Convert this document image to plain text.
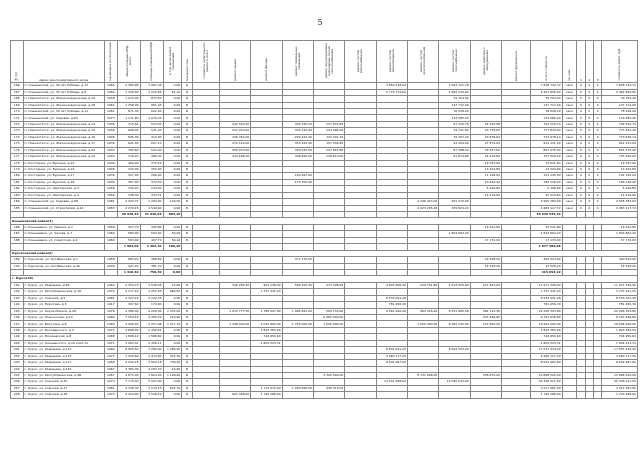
5
№ п/п	Адрес многоквартирного дома	год ввода в эксплуатацию	общая площадь МКД, всего	площадь помещений МКД	в том числе жилых помещений	материал стен	стоимость капитального ремонта, всего	ремонт крыши	ремонт фасада	ремонт подвальных помещений	ремонт внутридомовых инженерных систем теплоснабжения	ремонт систем водоснабжения	ремонт систем водоотведения	ремонт систем электроснабжения	ремонт систем газоснабжения	ремонт лифтового оборудования	ремонт фундамента	итого стоимость	ед. изм.	1	2	3	стоимость работ, руб.
166	п. Ольшанский, ул. 30 лет Победы, д.13	1965	2 382,96	1 987,46	0,00	Б							3 850 518,04		3 994 721,78			7 848 742,72	кв.м	0	0	0	7 848 742,72
167	п. Ольшанский, ул. 30 лет Победы, д.8	1964	1 440,00	1 022,64	61,10	Б							2 779 712,00		2 682 144,00			5 461 856,00	кв.м	0	0	0	5 461 856,00
168	п. Новоалтатск, ул. Железнодорожная, д.19	1938	1 072,49	873,50	0,00	Б									79 754,40			79 754,40	кв.м	0	0	0	79 754,40
169	п. Новоалтатск, ул. Железнодорожная, д.18	1961	1 258,00	951,93	0,00	Б									137 712,00			137 712,00	кв.м	0	0	0	137 712,00
170	п. Ольшанский, ул. 30 лет Победы, д.11	1961	871,30	622,00	0,00	Б									76 528,20			76 528,20	кв.м	0	0	0	76 528,20
171	п. Ольшанский, ул. Садовая, д.62	1973	1 171,80	1 076,43	0,00	Б									133 585,20			133 585,20	кв.м	0	0	0	133 585,20
172	п. Новоалтатск, ул. Железнодорожная, д.14	1936	715,54	513,40	0,00	Б		242 520,00		306 780,20	137 676,82				81 320,76	24 220,98		792 520,74	кв.м	0	0	0	792 520,74
173	п. Новоалтатск, ул. Железнодорожная, д.15	1936	698,45	521,20	0,00	Б		237 970,00		305 742,90	134 966,26				79 731,60	23 778,62		777 833,40	кв.м	0	0	0	777 833,40
174	п. Новоалтатск, ул. Железнодорожная, д.16	1936	695,30	413,90	0,00	Б		236 760,00		299 443,40	134 401,34				79 267,20	23 678,62		773 678,14	кв.м	0	0	0	773 678,14
175	п. Новоалтатск, ул. Железнодорожная, д.17	1936	821,00	607,10	0,00	Б		279 140,00		353 042,50	157 939,85				93 594,00	27 874,00		912 131,00	кв.м	0	0	0	912 131,00
176	п. Новоалтатск, ул. Железнодорожная, д.22	1932	765,60	524,00	0,00	Б		260 070,00		329 032,00	147 615,80				87 288,00	25 937,60		851 475,40	кв.м	0	0	0	851 475,40
177	п. Новоалтатск, ул. Железнодорожная, д.22	1932	718,20	486,30	0,00	Б		244 188,00		308 826,00	138 610,00				81 874,80	24 418,80		797 920,20	кв.м	0	0	0	797 920,20
178	п. Косторное, ул. Вурзана, д.15	1936	400,00	375,10	0,00	Б										14 031,60		14 031,60	кв.м	0	0	0	14 031,60
179	п. Косторное, ул. Вурзана, д.16	1936	320,00	350,00	0,00	Б										13 324,80		13 324,80	кв.м	0	0	0	13 324,80
180	п. Косторное, ул. Вурзана, д.17	1936	327,00	290,00	0,00	Б				140 997,00						11 148,00		152 145,00	кв.м	0	0	0	152 145,00
181	п. Косторное, ул. Вурзана, д.18	1936	407,00	373,50	0,00	Б				175 200,00						13 926,40		189 126,40	кв.м	0	0	0	189 126,40
182	п. Косторное, ул. Шахтерская, д.3	1956	150,20	133,50	0,00	Б										5 196,80		5 196,80	кв.м	0	0	0	5 196,80
183	п. Косторное, ул. Шахтерская, д.4	1956	336,40	333,51	0,00	Б										12 219,60		12 219,60	кв.м	0	0	0	12 219,60
184	п. Ольшанский, ул. Садовая, д.66	1981	2 293,72	1 294,00	129,00	Б								4 246 413,00	261 370,00			4 505 783,00	кв.м	0	0	0	4 505 783,00
185	п. Ольшанский, ул. Строителей, д.14	1983	2 270,15	1 540,00	0,00	Б								4 223 293,48	259 824,24			4 483 117,72	кв.м	0	0	0	4 483 117,72
			28 946,25	21 946,93	883,10													36 646 535,10					
Конышевский район(3)																							
186	п. Конышевка, ул. Ленина, д.1	1958	427,70	390,80	0,00	Б										14 541,80		14 541,80					14 541,80
187	п. Конышевка, ул. Чехова, д.7	1960	582,00	503,00	50,00	Б									1 843 664,20			1 843 664,20					1 843 664,20
188	п. Конышевка, ул. Советская, д.2	1960	503,00	407,70	50,10	Б										17 170,00		17 170,00					17 170,00
			1 584,09	1 302,10	100,10													1 877 408,08					
Курчатовский район(2)																							
189	п. Курчатов, ул. Октябрьская, д.1	1958	883,20	368,60	0,00	Б				371 176,50						29 348,50		400 524,90					400 524,90
190	п. Курчатов, ул. Октябрьская, д.26	1936	427,20	381,70	0,00	Б										14 528,20		14 528,20					14 528,20
			1 310,40	750,30	0,00													415 053,10					
г. Курск(48)																							
191	г. Курск, ул. Радищева, д.86	1962	2 354,73	1 538,45	12,60	Б		346 285,40	953 138,40	586 325,30	273 498,95		4 843 466,40	229 751,80	4 513 959,90	211 623,00		11 977 349,90					11 977 349,90
192	г. Курск, ул. Республиканская, д.16	1974	4 117,16	3 251,63	660,50	Б			1 737 441,20									1 737 441,20					1 737 441,20
193	г. Курск, ул. Союзная, д.5	1981	4 327,18	2 222,35	0,00	Б							8 533 041,28					8 533 041,28					8 533 041,28
194	г. Курск, ул. Пирогова, д.5	1917	397,60	179,60	0,00	Б							781 456,30					781 456,30					781 456,30
195	г. Курск, ул. Карла Маркса, д.28	1976	4 380,00	4 200,00	1 331,00	Б		1 033 777,50	1 789 097,80	1 984 641,20	509 743,60		9 561 920,00	462 316,40	8 251 985,58	382 112,30		22 226 393,80					22 226 393,80
196	г. Курск, ул. Ломоносова, д.14	1980	7 054,16	3 455,29	219,90	Б					6 660 000,00					337 636,80		6 797 636,80					6 797 636,80
197	г. Курск, ул. Ватутина, д.8	1983	4 206,00	2 257,98	1 217,70	Б		1 448 400,00	2 032 800,00	1 755 000,00	1 005 000,00			1 059 400,00	8 362 230,00	147 500,00		18 904 200,00					18 904 200,00
198	г. Курск, ул. Володарского, д.4	1973	3 868,00	2 442,81	0,00	Б			1 843 383,00									1 843 383,00					1 843 383,00
199	г. Курск, ул. Можаевская, д.8	1968	1 898,10	1 586,60	0,00	Б			744 950,60									744 950,60					744 950,60
200	г. Курск, ул. Ольшанского, д.16 корп.11	1971	3 063,41	2 356,11	0,00	Б			1 804 223,31									1 804 223,31					1 804 223,31
201	г. Курск, ул. Радищева, д.113	1980	8 903,50	7 289,00	1 283,50	Б							8 892 931,20		8 644 503,20			17 537 434,40					17 537 434,40
202	г. Курск, ул. Радищева, д.115	1973	1 929,60	2 474,60	412,30	Б							4 960 117,20					4 960 117,20					4 960 117,20
203	г. Курск, ул. Радищева, д.117	1968	4 252,18	3 093,18	739,20	Б							8 632 987,60					8 632 987,60					8 632 987,60
204	г. Курск, ул. Радищева, д.112	1967	4 383,30	3 263,70	16,60	Б																	
205	г. Курск, ул. Республиканская, д.4В	1967	4 875,00	3 824,40	1 126,40	Б					4 300 000,00			8 131 648,00		236 872,00		12 668 520,00					12 668 520,00
206	г. Курск, ул. Союзная, д.25	1973	7 770,00	5 922,00	0,00	Б							14 241 968,00		16 095 043,00			30 336 011,00					30 336 011,00
207	г. Курск, ул. Союзная, д.27	1981	4 336,30	3 134,13	621,70	Б			1 712 970,00	1 059 996,00	438 315,00							3 211 281,00					3 211 281,00
208	г. Курск, ул. Союзная, д.48	1974	4 324,00	3 196,10	0,00	Б		697 368,00	1 740 288,00									1 740 288,00					1 740 288,00
